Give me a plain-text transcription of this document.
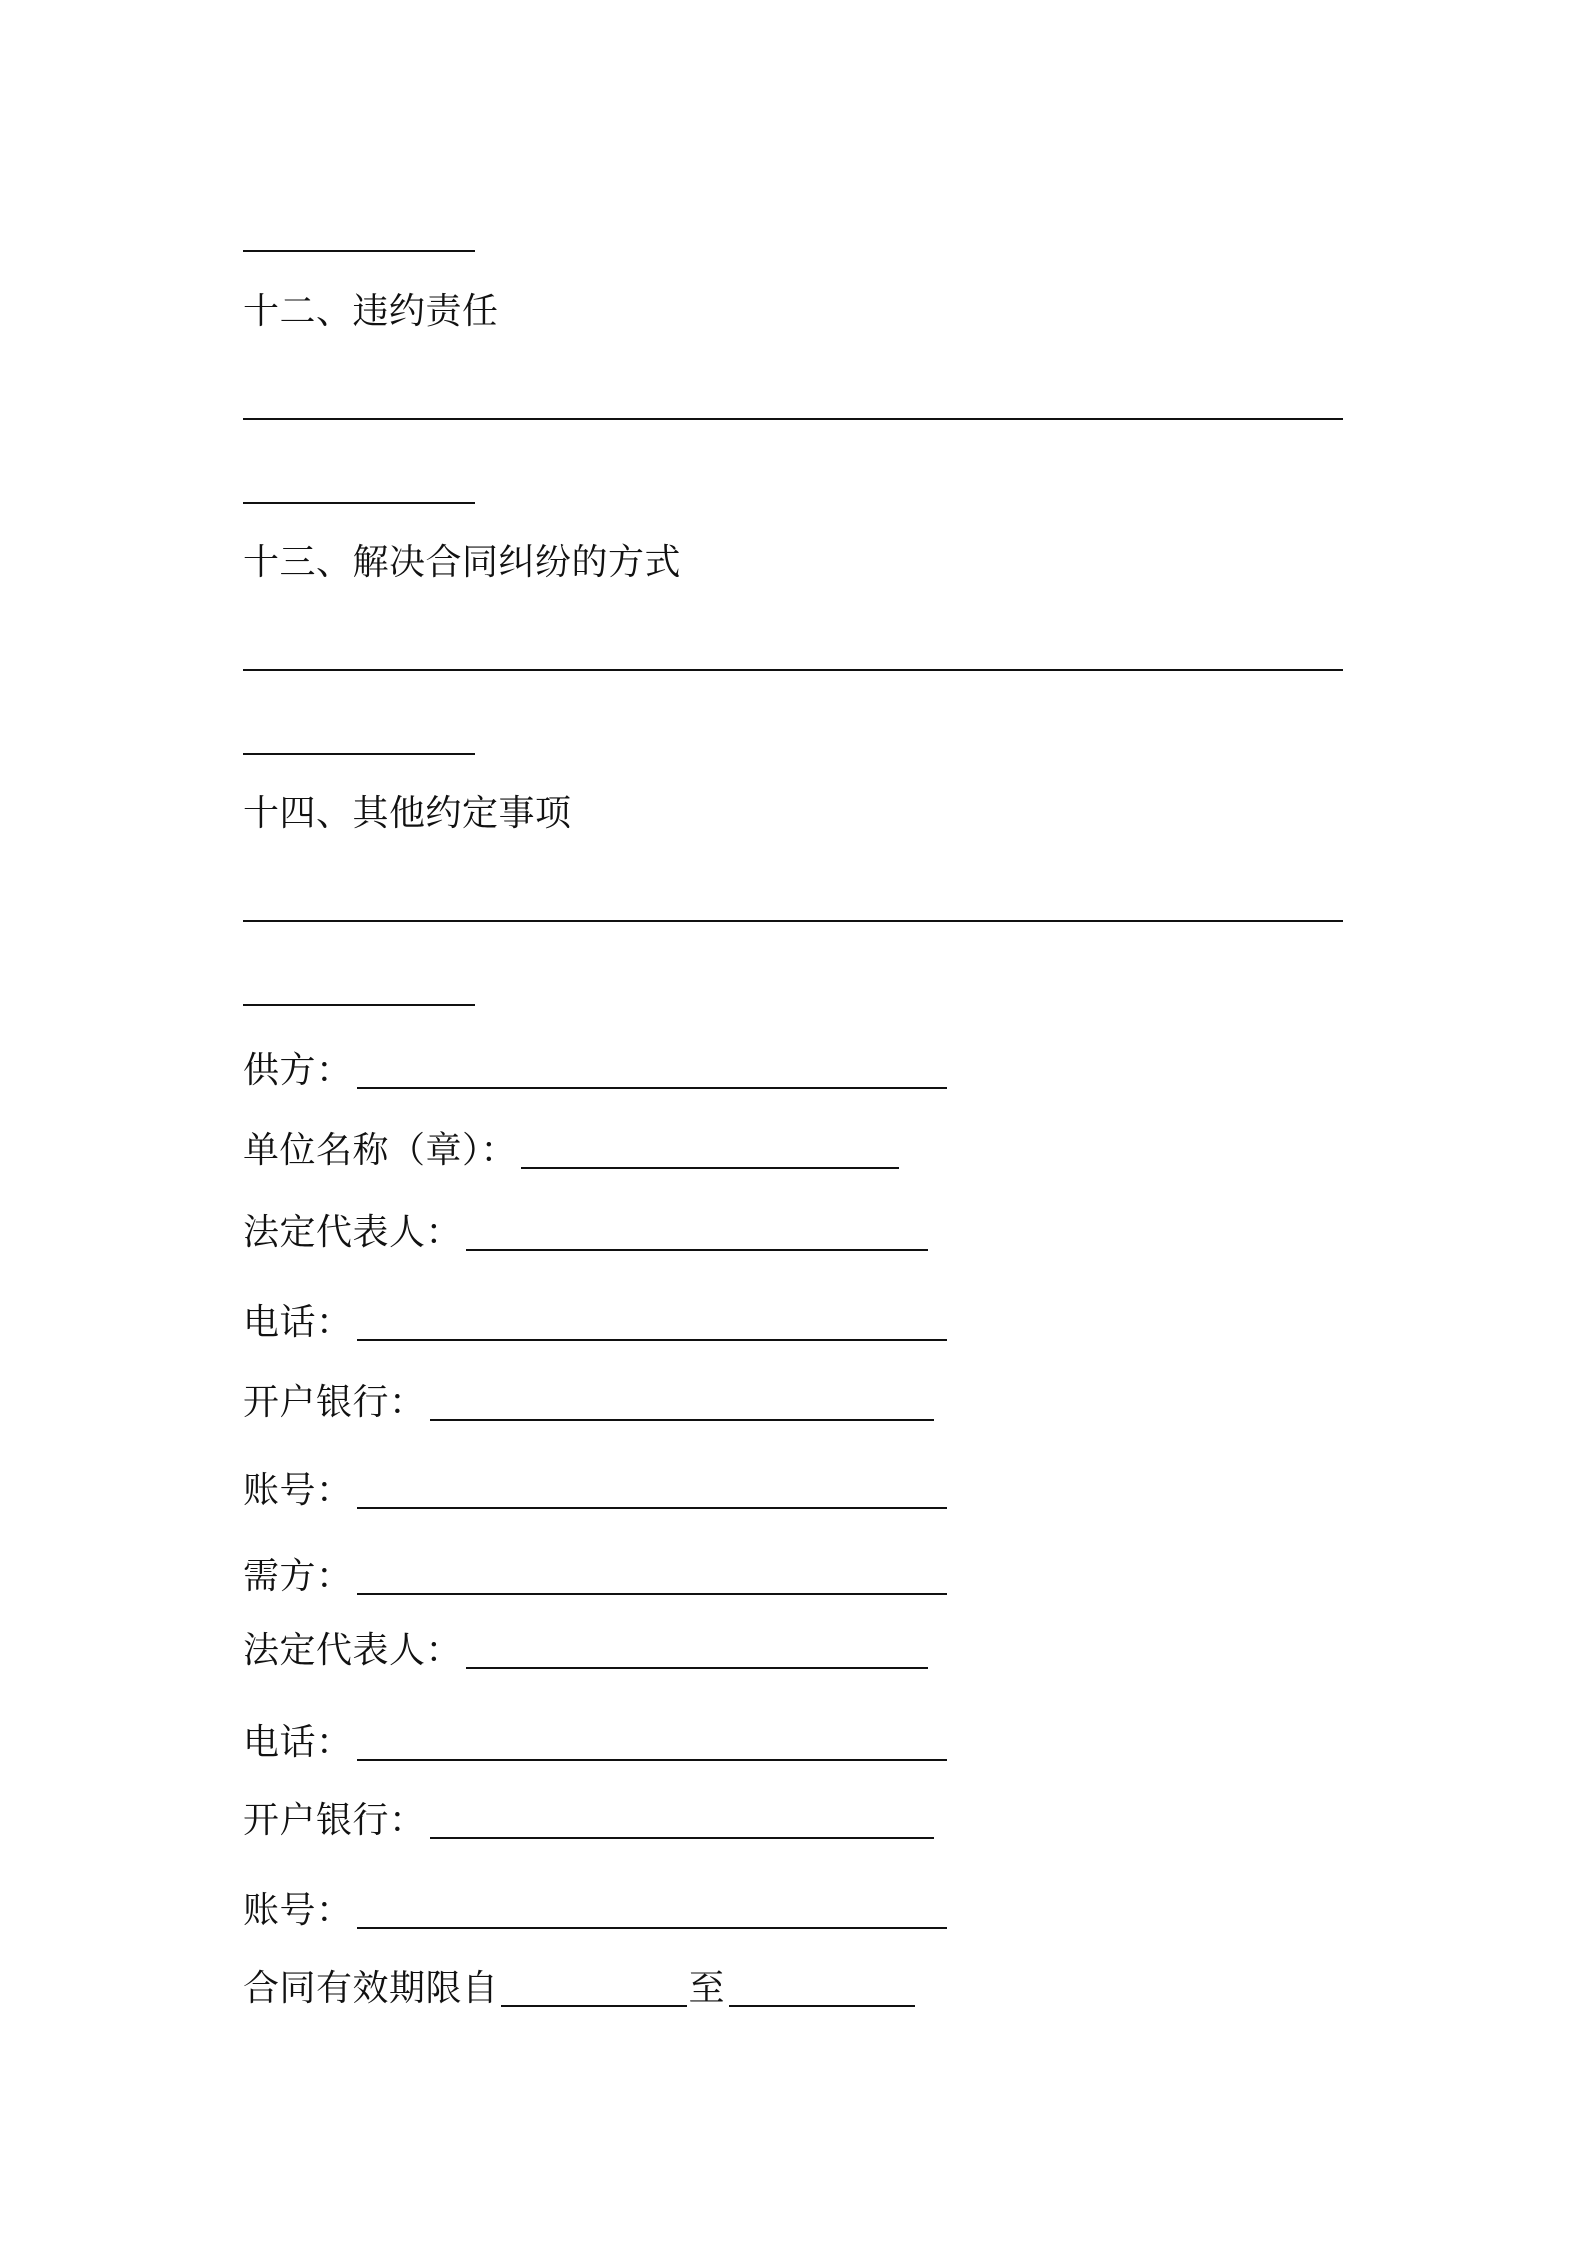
十二、违约责任
十三、解决合同纠纷的方式
十四、其他约定事项
供方：
单位名称（章）：
法定代表人：
电话：
开户银行：
账号：
需方：
法定代表人：
电话：
开户银行：
账号：
合同有效期限自	至
